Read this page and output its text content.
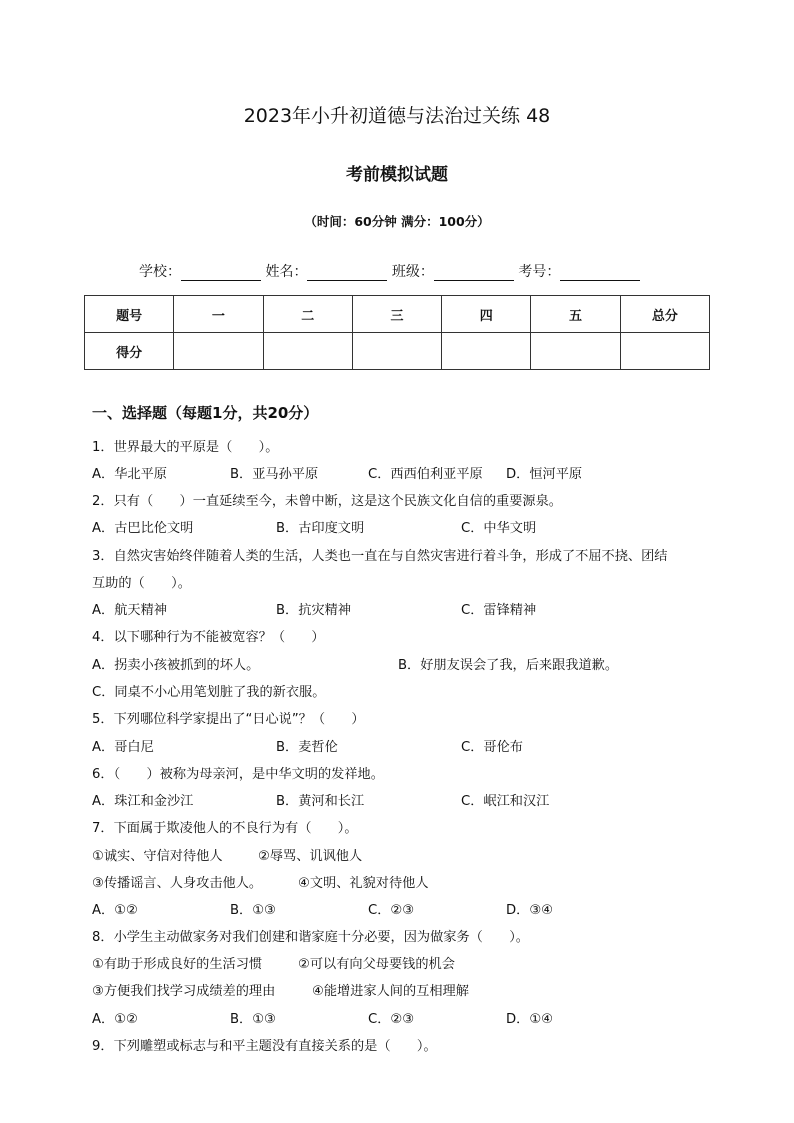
2023年小升初道德与法治过关练 48
考前模拟试题
（时间：60分钟 满分：100分）
学校：	姓名：	班级：	考号：
题号	一	二	三	四	五	总分
得分						
一、选择题（每题1分，共20分）
1．世界最大的平原是（　　）。
A．华北平原	B．亚马孙平原	C．西西伯利亚平原 D．恒河平原
2．只有（　　）一直延续至今，未曾中断，这是这个民族文化自信的重要源泉。
A．古巴比伦文明	B．古印度文明	C．中华文明
3．自然灾害始终伴随着人类的生活，人类也一直在与自然灾害进行着斗争，形成了不屈不挠、团结
互助的（　　）。
A．航天精神	B．抗灾精神	C．雷锋精神
4．以下哪种行为不能被宽容？（　　）
A．拐卖小孩被抓到的坏人。	B．好朋友误会了我，后来跟我道歉。
C．同桌不小心用笔划脏了我的新衣服。
5．下列哪位科学家提出了“日心说”？（　　）
A．哥白尼	B．麦哲伦	C．哥伦布
6．（　　）被称为母亲河，是中华文明的发祥地。
A．珠江和金沙江	B．黄河和长江	C．岷江和汉江
7．下面属于欺凌他人的不良行为有（　　）。
①诚实、守信对待他人	②辱骂、讥讽他人
③传播谣言、人身攻击他人。	④文明、礼貌对待他人
A．①②	B．①③	C．②③	D．③④
8．小学生主动做家务对我们创建和谐家庭十分必要，因为做家务（　　）。
①有助于形成良好的生活习惯	②可以有向父母要钱的机会
③方便我们找学习成绩差的理由	④能增进家人间的互相理解
A．①②	B．①③	C．②③	D．①④
9．下列雕塑或标志与和平主题没有直接关系的是（　　）。
